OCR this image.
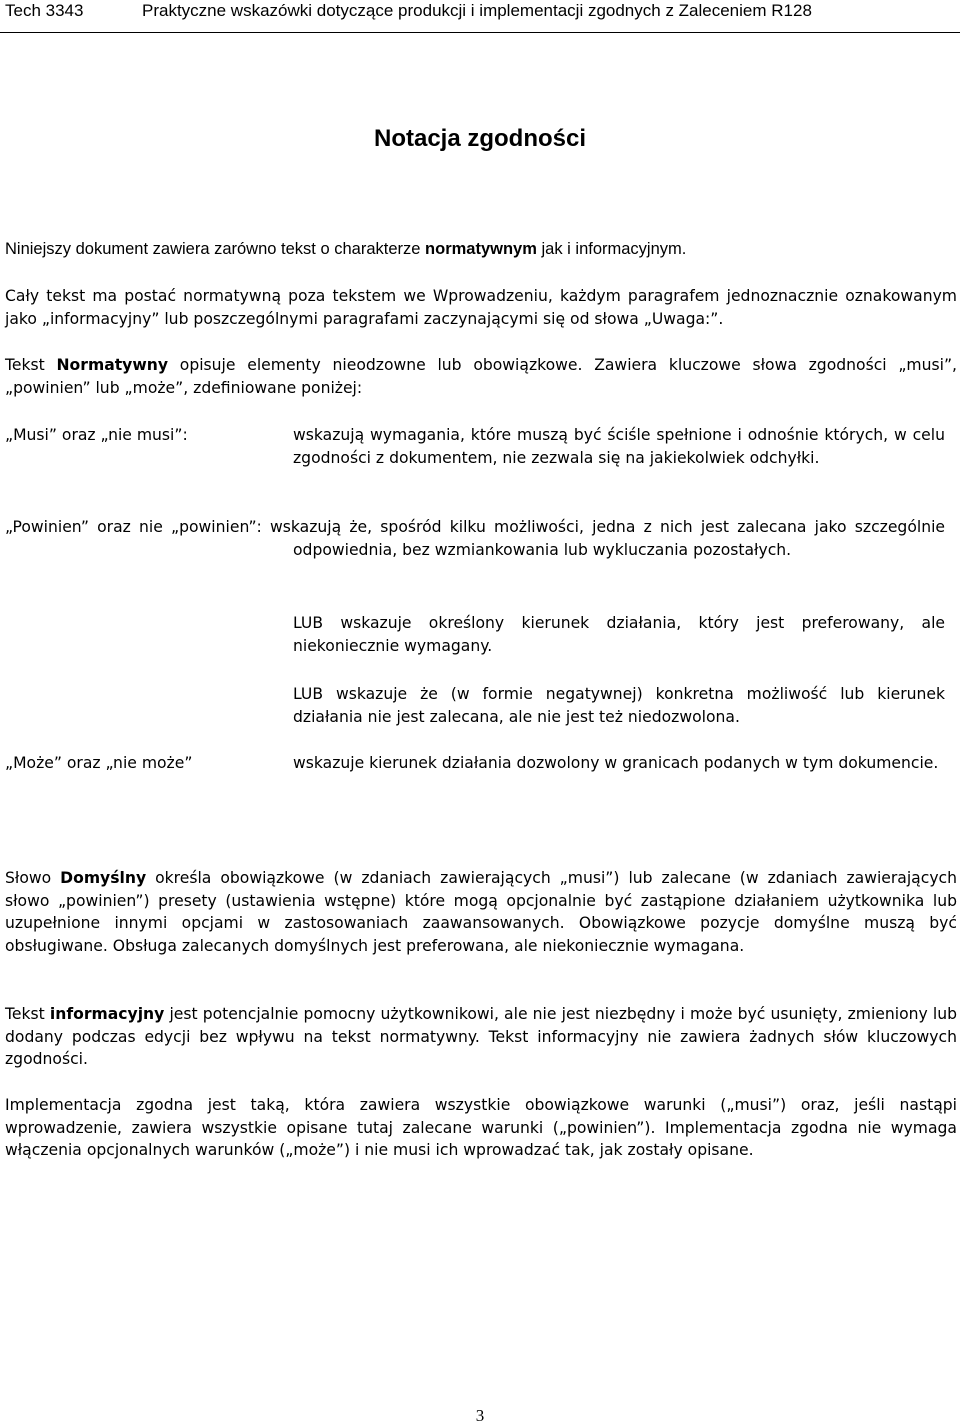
Tech 3343	Praktyczne wskazówki dotyczące produkcji i implementacji zgodnych z Zaleceniem R128
Notacja zgodności

Niniejszy dokument zawiera zarówno tekst o charakterze normatywnym jak i informacyjnym.

Cały tekst ma postać normatywną poza tekstem we Wprowadzeniu, każdym paragrafem jednoznacznie oznakowanym jako „informacyjny” lub poszczególnymi paragrafami zaczynającymi się od słowa „Uwaga:”.

Tekst Normatywny opisuje elementy nieodzowne lub obowiązkowe. Zawiera kluczowe słowa zgodności „musi”, „powinien” lub „może”, zdefiniowane poniżej:

„Musi” oraz „nie musi”:	wskazują wymagania, które muszą być ściśle spełnione i odnośnie których, w celu zgodności z dokumentem, nie zezwala się na jakiekolwiek odchyłki.
„Powinien” oraz nie „powinien”: wskazują że, spośród kilku możliwości, jedna z nich jest zalecana jako szczególnie odpowiednia, bez wzmiankowania lub wykluczania pozostałych.
LUB wskazuje określony kierunek działania, który jest preferowany, ale niekoniecznie wymagany.
LUB wskazuje że (w formie negatywnej) konkretna możliwość lub kierunek działania nie jest zalecana, ale nie jest też niedozwolona.
„Może” oraz „nie może”	wskazuje kierunek działania dozwolony w granicach podanych w tym dokumencie.

Słowo Domyślny określa obowiązkowe (w zdaniach zawierających „musi”) lub zalecane (w zdaniach zawierających słowo „powinien”) presety (ustawienia wstępne) które mogą opcjonalnie być zastąpione działaniem użytkownika lub uzupełnione innymi opcjami w zastosowaniach zaawansowanych. Obowiązkowe pozycje domyślne muszą być obsługiwane. Obsługa zalecanych domyślnych jest preferowana, ale niekoniecznie wymagana.

Tekst informacyjny jest potencjalnie pomocny użytkownikowi, ale nie jest niezbędny i może być usunięty, zmieniony lub dodany podczas edycji bez wpływu na tekst normatywny. Tekst informacyjny nie zawiera żadnych słów kluczowych zgodności.

Implementacja zgodna jest taką, która zawiera wszystkie obowiązkowe warunki („musi”) oraz, jeśli nastąpi wprowadzenie, zawiera wszystkie opisane tutaj zalecane warunki („powinien”). Implementacja zgodna nie wymaga włączenia opcjonalnych warunków („może”) i nie musi ich wprowadzać tak, jak zostały opisane.

3
